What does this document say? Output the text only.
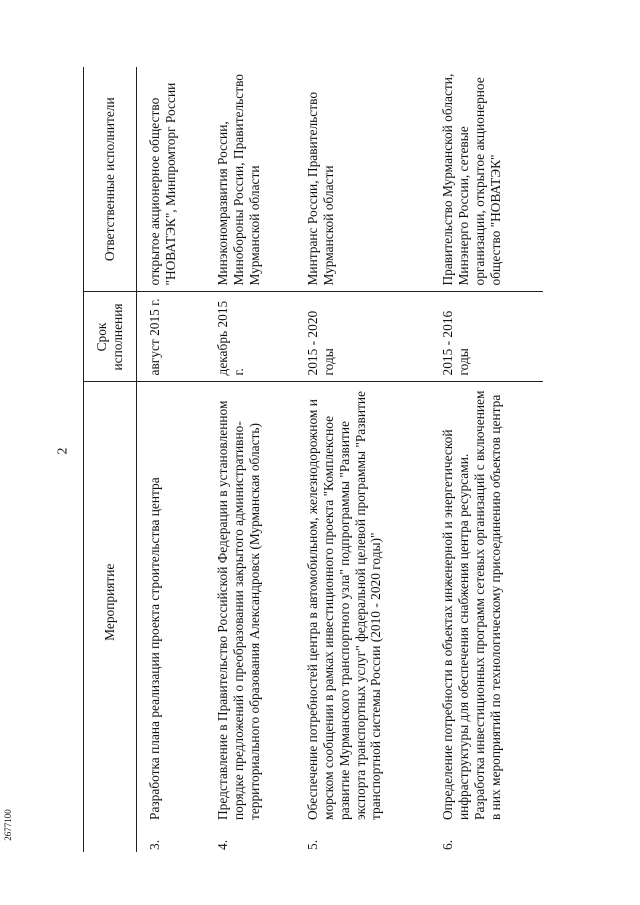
2
2677100
	Мероприятие	Срок исполнения	Ответственные исполнители
3.	Разработка плана реализации проекта строительства центра	август 2015 г.	открытое акционерное общество "НОВАТЭК", Минпромторг России
4.	Представление в Правительство Российской Федерации в установленном порядке предложений о преобразовании закрытого административно-территориального образования Александровск (Мурманская область)	декабрь 2015 г.	Минэкономразвития России, Минобороны России, Правительство Мурманской области
5.	Обеспечение потребностей центра в автомобильном, железнодорожном и морском сообщении в рамках инвестиционного проекта "Комплексное развитие Мурманского транспортного узла" подпрограммы "Развитие экспорта транспортных услуг" федеральной целевой программы "Развитие транспортной системы России (2010 - 2020 годы)"	2015 - 2020 годы	Минтранс России, Правительство Мурманской области
6.	Определение потребности в объектах инженерной и энергетической инфраструктуры для обеспечения снабжения центра ресурсами. Разработка инвестиционных программ сетевых организаций с включением в них мероприятий по технологическому присоединению объектов центра	2015 - 2016 годы	Правительство Мурманской области, Минэнерго России, сетевые организации, открытое акционерное общество "НОВАТЭК"
